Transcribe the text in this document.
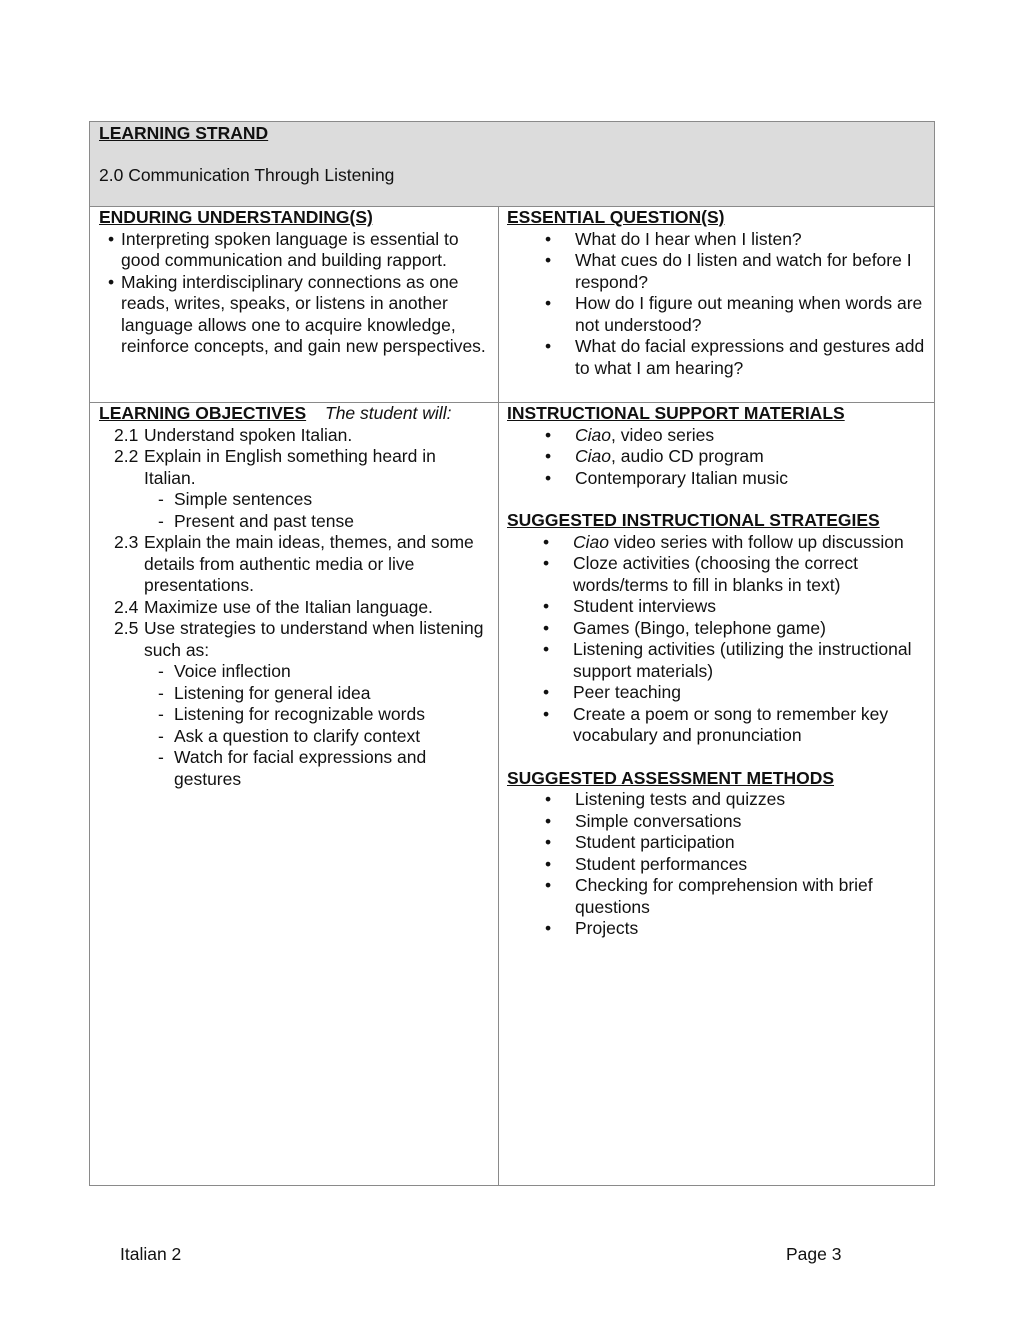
LEARNING STRAND
2.0 Communication Through Listening
ENDURING UNDERSTANDING(S)
• Interpreting spoken language is essential to good communication and building rapport.
• Making interdisciplinary connections as one reads, writes, speaks, or listens in another language allows one to acquire knowledge, reinforce concepts, and gain new perspectives.
ESSENTIAL QUESTION(S)
• What do I hear when I listen?
• What cues do I listen and watch for before I respond?
• How do I figure out meaning when words are not understood?
• What do facial expressions and gestures add to what I am hearing?
LEARNING OBJECTIVES The student will:
2.1 Understand spoken Italian.
2.2 Explain in English something heard in Italian.
- Simple sentences
- Present and past tense
2.3 Explain the main ideas, themes, and some details from authentic media or live presentations.
2.4 Maximize use of the Italian language.
2.5 Use strategies to understand when listening such as:
- Voice inflection
- Listening for general idea
- Listening for recognizable words
- Ask a question to clarify context
- Watch for facial expressions and gestures
INSTRUCTIONAL SUPPORT MATERIALS
• Ciao, video series
• Ciao, audio CD program
• Contemporary Italian music
SUGGESTED INSTRUCTIONAL STRATEGIES
• Ciao video series with follow up discussion
• Cloze activities (choosing the correct words/terms to fill in blanks in text)
• Student interviews
• Games (Bingo, telephone game)
• Listening activities (utilizing the instructional support materials)
• Peer teaching
• Create a poem or song to remember key vocabulary and pronunciation
SUGGESTED ASSESSMENT METHODS
• Listening tests and quizzes
• Simple conversations
• Student participation
• Student performances
• Checking for comprehension with brief questions
• Projects
Italian 2	Page 3
